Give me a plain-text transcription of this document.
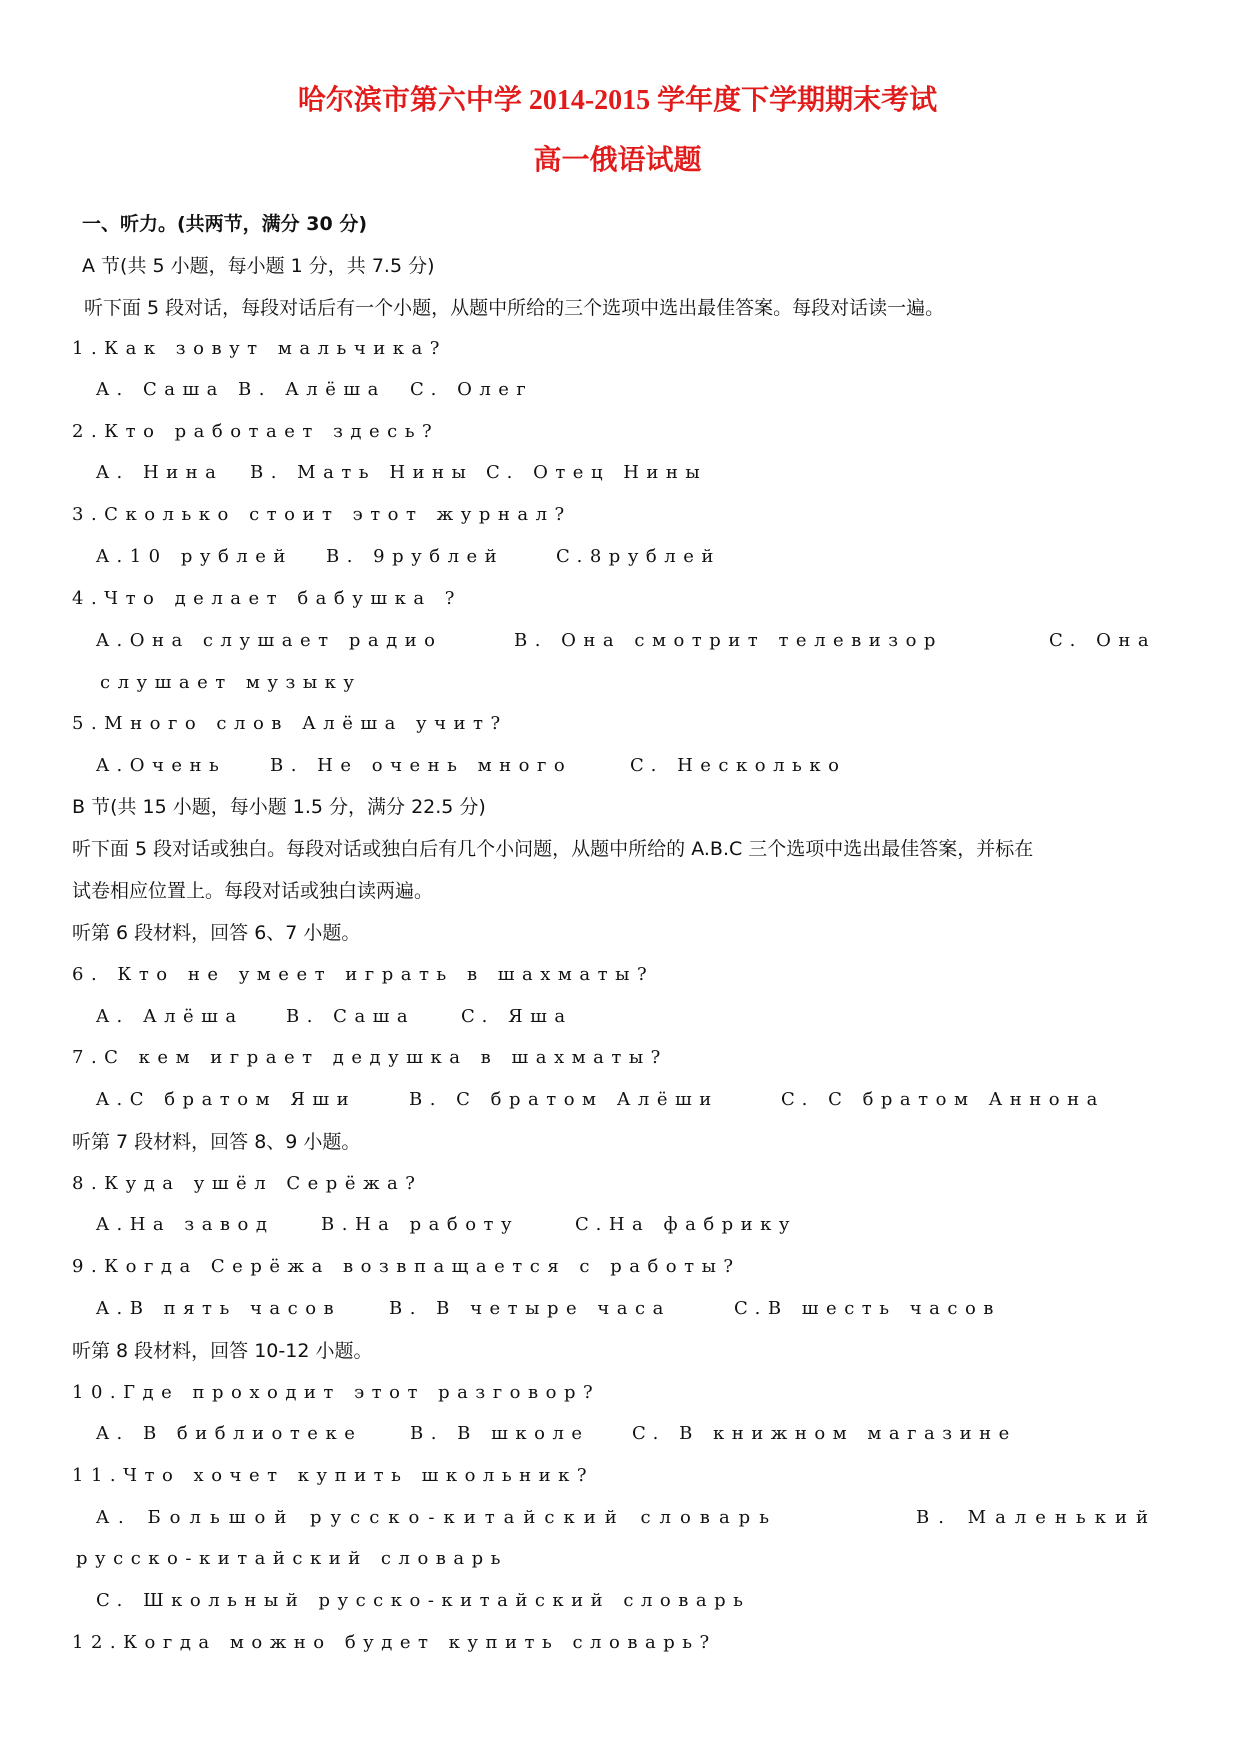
哈尔滨市第六中学 2014-2015 学年度下学期期末考试
高一俄语试题
一、听力。(共两节，满分 30 分)
A 节(共 5 小题，每小题 1 分，共 7.5 分)
听下面 5 段对话，每段对话后有一个小题，从题中所给的三个选项中选出最佳答案。每段对话读一遍。
1.Как зовут мальчика?
A. Саша B. Алёша C. Олег
2.Кто работает здесь?
A. Нина B. Мать Нины C. Отец Нины
3.Сколько стоит этот журнал?
A.10 рублей B. 9рублей	C.8рублей
4.Что делает бабушка ?
A.Она слушает радио	B. Она смотрит телевизор	C. Она
слушает музыку
5.Много слов Алёша учит?
A.Очень B. Не очень много	C. Несколько
B 节(共 15 小题，每小题 1.5 分，满分 22.5 分)
听下面 5 段对话或独白。每段对话或独白后有几个小问题，从题中所给的 A.B.C 三个选项中选出最佳答案，并标在
试卷相应位置上。每段对话或独白读两遍。
听第 6 段材料，回答 6、7 小题。
6. Кто не умеет играть в шахматы?
A. Алёша B. Саша	C. Яша
7.С кем играет дедушка в шахматы?
A.С братом Яши	B. С братом Алёши	C. С братом Аннона
听第 7 段材料，回答 8、9 小题。
8.Куда ушёл Серёжа?
A.На завод	B.На работу	C.На фабрику
9.Когда Серёжа возвпащается с работы?
A.В пять часов	B. В четыре часа	C.В шесть часов
听第 8 段材料，回答 10-12 小题。
10.Где проходит этот разговор?
A. В библиотеке	B. В школе C. В книжном магазине
11.Что хочет купить школьник?
A. Большой русско-китайский словарь	B. Маленький
русско-китайский словарь
C. Школьный русско-китайский словарь
12.Когда можно будет купить словарь?
